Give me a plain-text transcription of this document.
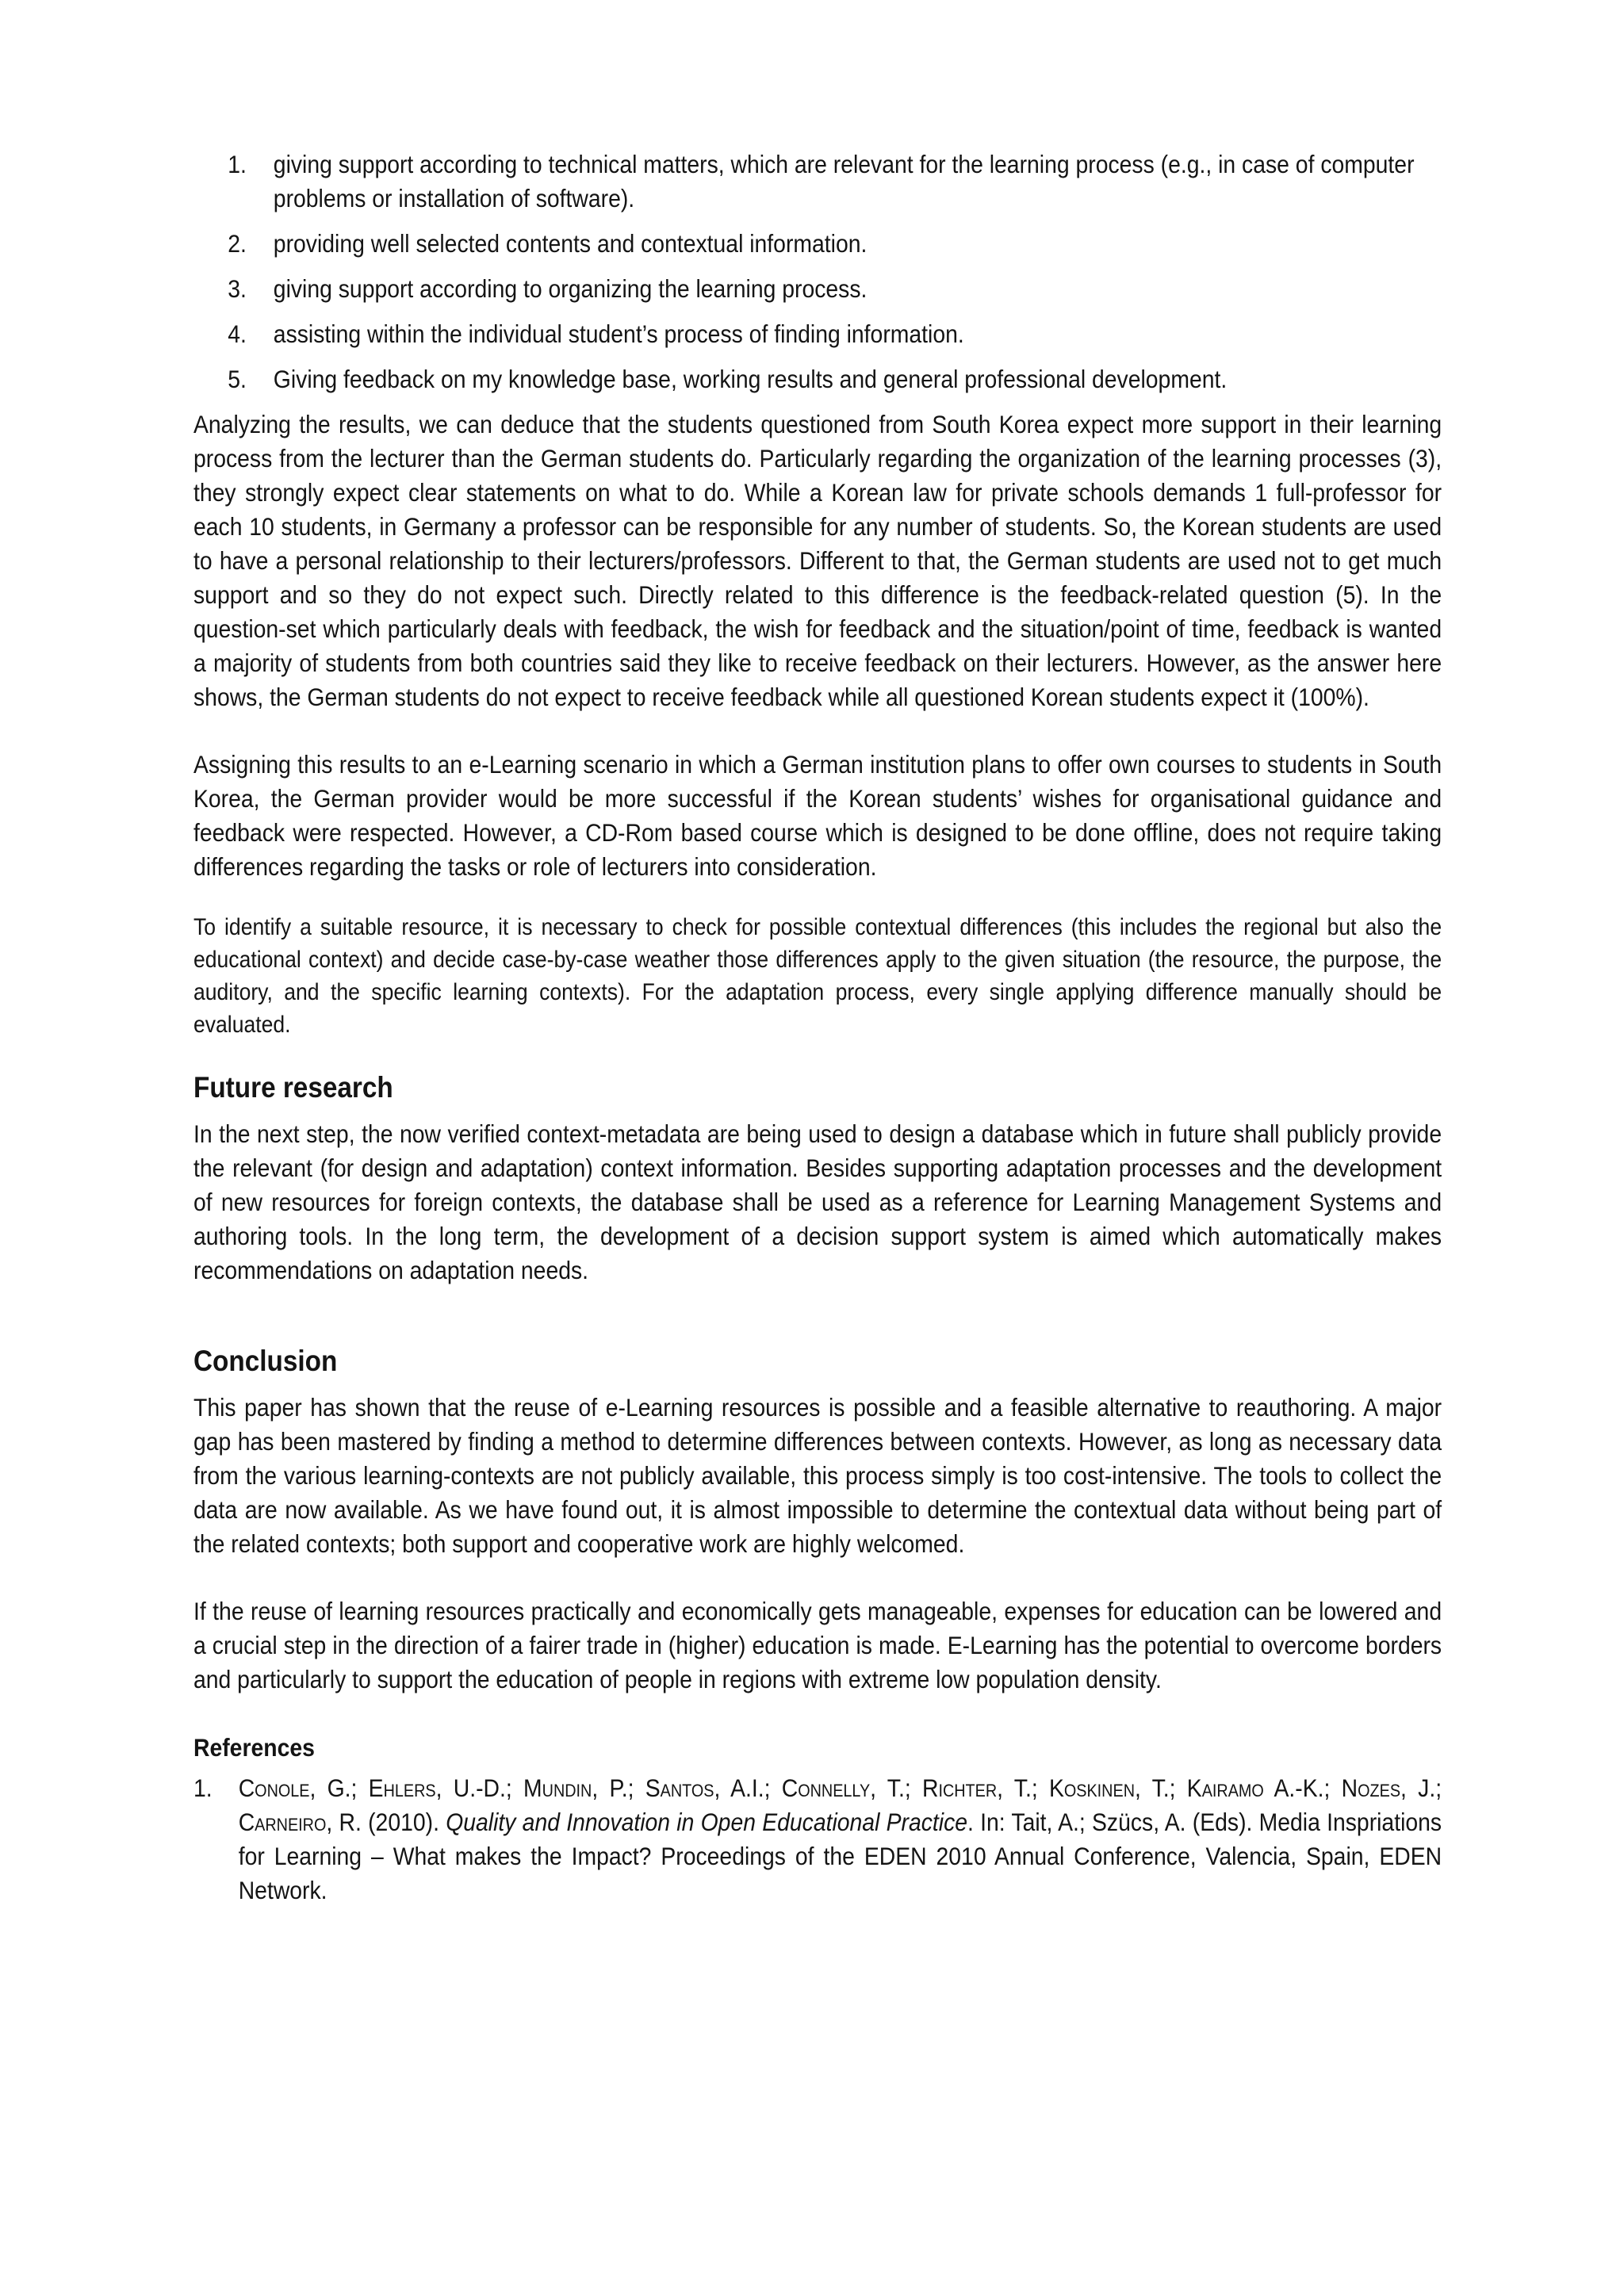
1. giving support according to technical matters, which are relevant for the learning process (e.g., in case of computer problems or installation of software).
2. providing well selected contents and contextual information.
3. giving support according to organizing the learning process.
4. assisting within the individual student’s process of finding information.
5. Giving feedback on my knowledge base, working results and general professional development.

Analyzing the results, we can deduce that the students questioned from South Korea expect more support in their learning process from the lecturer than the German students do. Particularly regarding the organization of the learning processes (3), they strongly expect clear statements on what to do. While a Korean law for private schools demands 1 full-professor for each 10 students, in Germany a professor can be responsible for any number of students. So, the Korean students are used to have a personal relationship to their lecturers/professors. Different to that, the German students are used not to get much support and so they do not expect such. Directly related to this difference is the feedback-related question (5). In the question-set which particularly deals with feedback, the wish for feedback and the situation/point of time, feedback is wanted a majority of students from both countries said they like to receive feedback on their lecturers. However, as the answer here shows, the German students do not expect to receive feedback while all questioned Korean students expect it (100%).

Assigning this results to an e-Learning scenario in which a German institution plans to offer own courses to students in South Korea, the German provider would be more successful if the Korean students’ wishes for organisational guidance and feedback were respected. However, a CD-Rom based course which is designed to be done offline, does not require taking differences regarding the tasks or role of lecturers into consideration.

To identify a suitable resource, it is necessary to check for possible contextual differences (this includes the regional but also the educational context) and decide case-by-case weather those differences apply to the given situation (the resource, the purpose, the auditory, and the specific learning contexts). For the adaptation process, every single applying difference manually should be evaluated.

Future research

In the next step, the now verified context-metadata are being used to design a database which in future shall publicly provide the relevant (for design and adaptation) context information. Besides supporting adaptation processes and the development of new resources for foreign contexts, the database shall be used as a reference for Learning Management Systems and authoring tools. In the long term, the development of a decision support system is aimed which automatically makes recommendations on adaptation needs.

Conclusion

This paper has shown that the reuse of e-Learning resources is possible and a feasible alternative to reauthoring. A major gap has been mastered by finding a method to determine differences between contexts. However, as long as necessary data from the various learning-contexts are not publicly available, this process simply is too cost-intensive. The tools to collect the data are now available. As we have found out, it is almost impossible to determine the contextual data without being part of the related contexts; both support and cooperative work are highly welcomed.

If the reuse of learning resources practically and economically gets manageable, expenses for education can be lowered and a crucial step in the direction of a fairer trade in (higher) education is made. E-Learning has the potential to overcome borders and particularly to support the education of people in regions with extreme low population density.

References
1. Conole, G.; Ehlers, U.-D.; Mundin, P.; Santos, A.I.; Connelly, T.; Richter, T.; Koskinen, T.; Kairamo A.-K.; Nozes, J.; Carneiro, R. (2010). Quality and Innovation in Open Educational Practice. In: Tait, A.; Szücs, A. (Eds). Media Inspriations for Learning – What makes the Impact? Proceedings of the EDEN 2010 Annual Conference, Valencia, Spain, EDEN Network.
